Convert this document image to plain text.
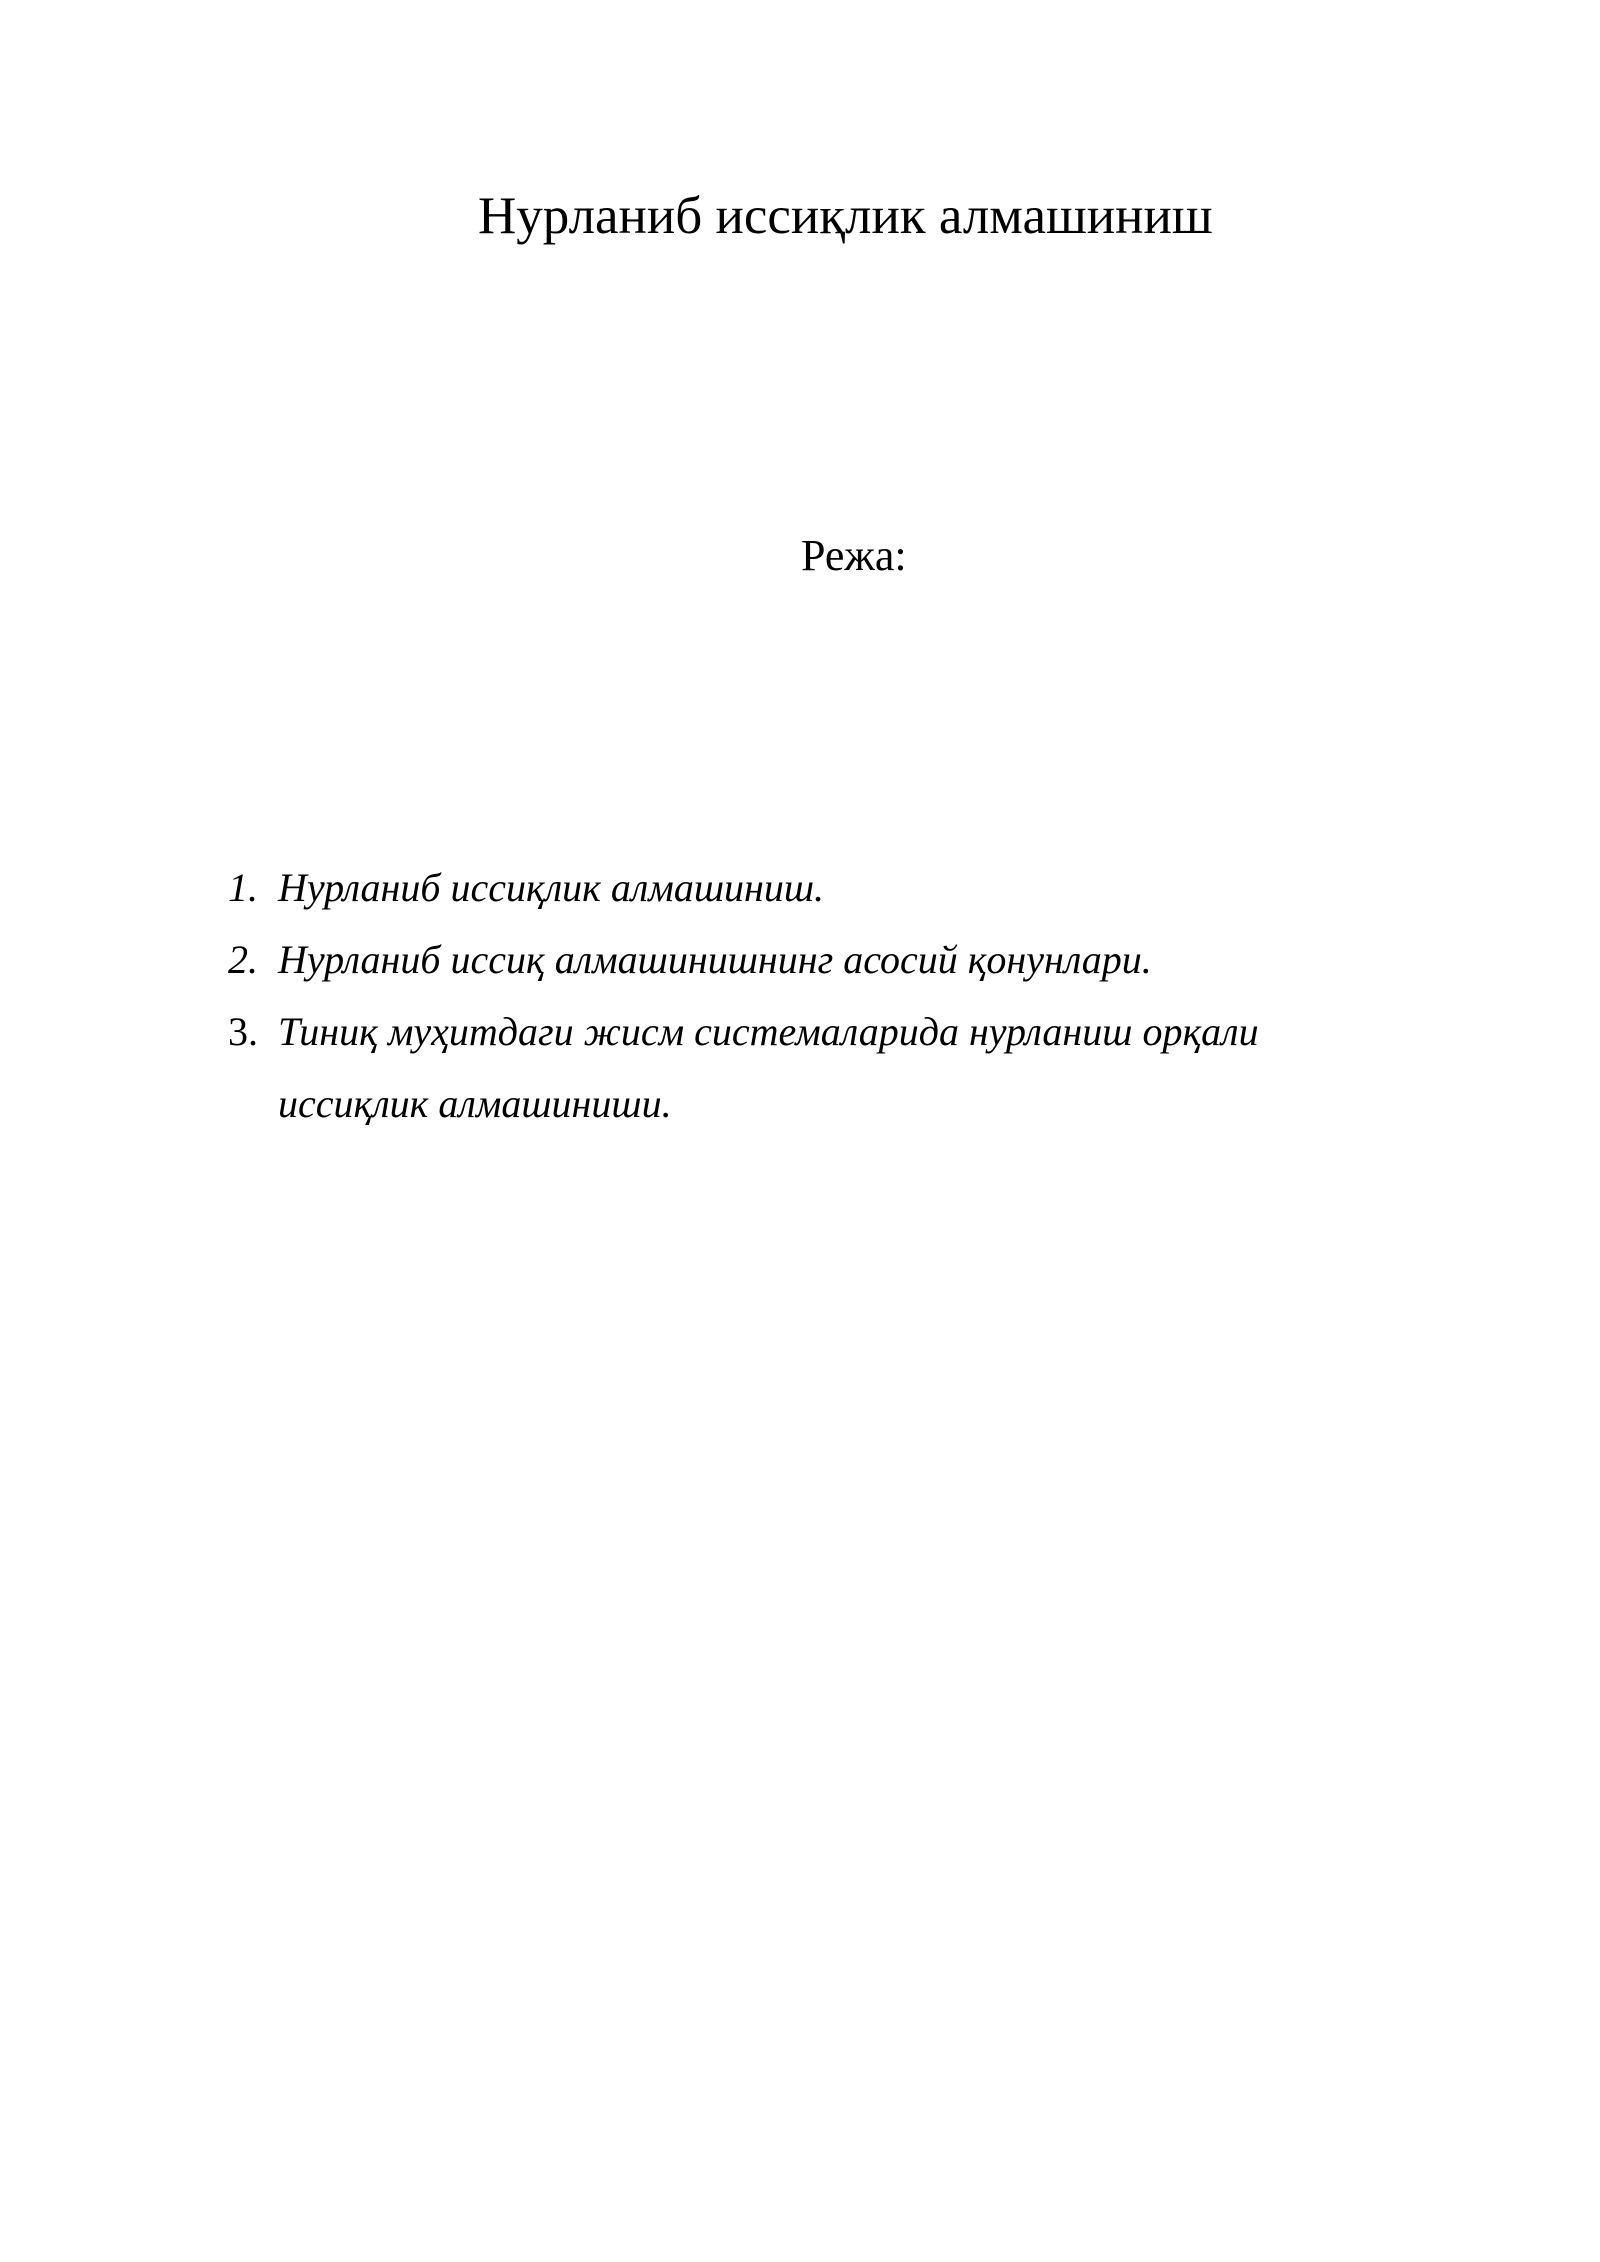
Нурланиб иссиқлик алмашиниш
Режа:
1. Нурланиб иссиқлик алмашиниш.
2. Нурланиб иссиқ алмашинишнинг асосий қонунлари.
3. Тиниқ муҳитдаги жисм системаларида нурланиш орқали иссиқлик алмашиниши.
